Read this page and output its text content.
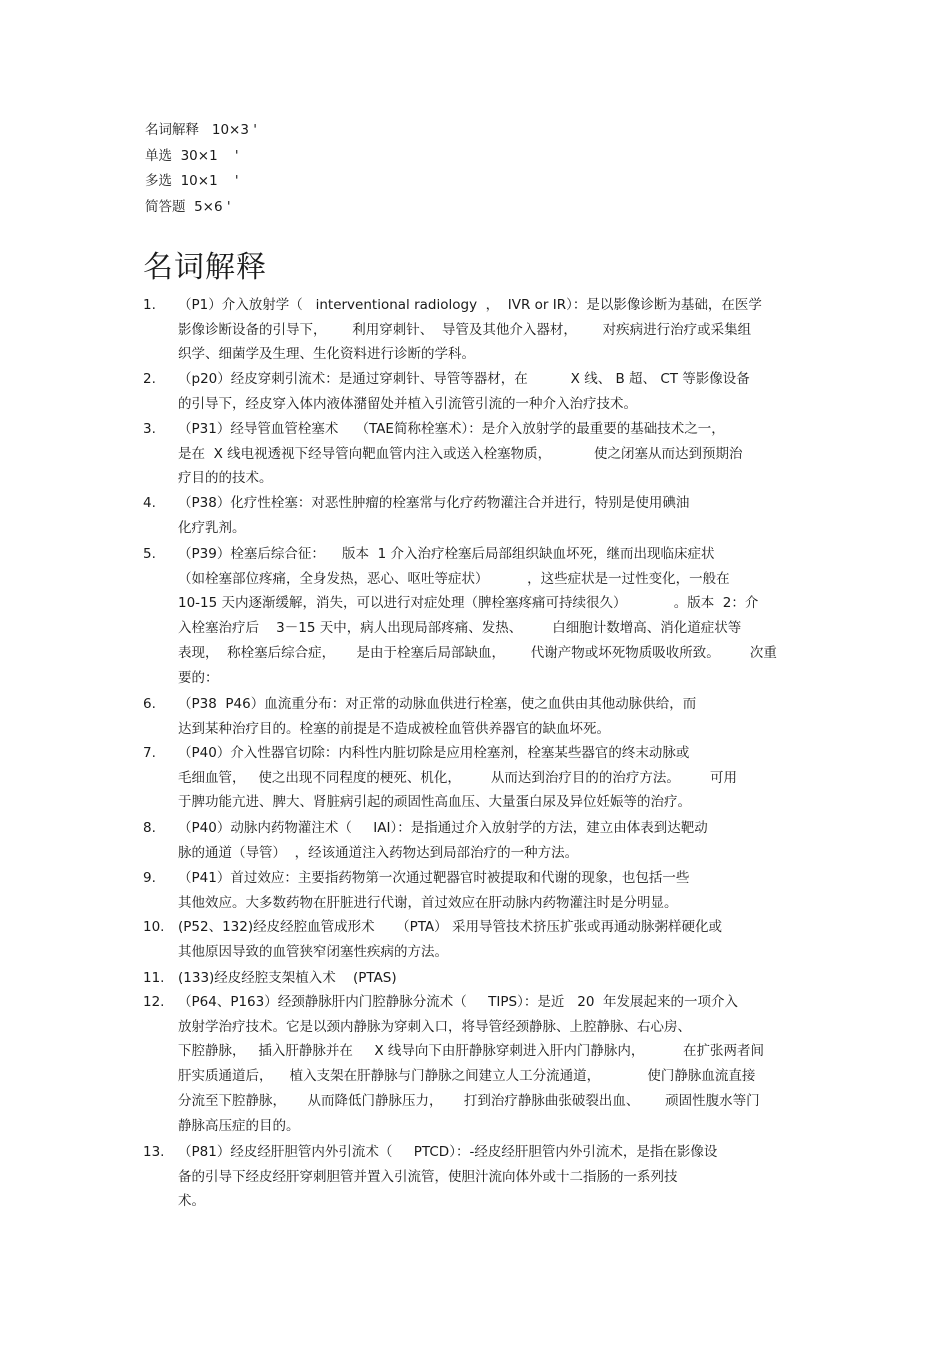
名词解释   10×3 '
单选  30×1    '
多选  10×1    '
简答题  5×6 '
名词解释
1. （P1）介入放射学（   interventional radiology  ，  IVR or IR）：是以影像诊断为基础，在医学
影像诊断设备的引导下，      利用穿刺针、  导管及其他介入器材，      对疾病进行治疗或采集组
织学、细菌学及生理、生化资料进行诊断的学科。
2. （p20）经皮穿刺引流术：是通过穿刺针、导管等器材，在          X 线、 B 超、 CT 等影像设备
的引导下，经皮穿入体内液体潴留处并植入引流管引流的一种介入治疗技术。
3. （P31）经导管血管栓塞术    （TAE简称栓塞术）：是介入放射学的最重要的基础技术之一，
是在  X 线电视透视下经导管向靶血管内注入或送入栓塞物质，          使之闭塞从而达到预期治
疗目的的技术。
4. （P38）化疗性栓塞：对恶性肿瘤的栓塞常与化疗药物灌注合并进行，特别是使用碘油
化疗乳剂。
5. （P39）栓塞后综合征：    版本  1 介入治疗栓塞后局部组织缺血坏死，继而出现临床症状
（如栓塞部位疼痛，全身发热，恶心、呕吐等症状）         ，这些症状是一过性变化，一般在
10-15 天内逐渐缓解，消失，可以进行对症处理（脾栓塞疼痛可持续很久）           。版本  2：介
入栓塞治疗后    3－15 天中，病人出现局部疼痛、发热、       白细胞计数增高、消化道症状等
表现，  称栓塞后综合症，     是由于栓塞后局部缺血，      代谢产物或坏死物质吸收所致。       次重
要的：
6. （P38  P46）血流重分布：对正常的动脉血供进行栓塞，使之血供由其他动脉供给，而
达到某种治疗目的。栓塞的前提是不造成被栓血管供养器官的缺血坏死。
7. （P40）介入性器官切除：内科性内脏切除是应用栓塞剂，栓塞某些器官的终末动脉或
毛细血管，   使之出现不同程度的梗死、机化，       从而达到治疗目的的治疗方法。       可用
于脾功能亢进、脾大、肾脏病引起的顽固性高血压、大量蛋白尿及异位妊娠等的治疗。
8. （P40）动脉内药物灌注术（     IAI）：是指通过介入放射学的方法，建立由体表到达靶动
脉的通道（导管）  ，经该通道注入药物达到局部治疗的一种方法。
9. （P41）首过效应：主要指药物第一次通过靶器官时被提取和代谢的现象，也包括一些
其他效应。大多数药物在肝脏进行代谢，首过效应在肝动脉内药物灌注时是分明显。
10. (P52、132)经皮经腔血管成形术     （PTA） 采用导管技术挤压扩张或再通动脉粥样硬化或
其他原因导致的血管狭窄闭塞性疾病的方法。
11. (133)经皮经腔支架植入术    (PTAS)
12. （P64、P163）经颈静脉肝内门腔静脉分流术（     TIPS）：是近   20  年发展起来的一项介入
放射学治疗技术。它是以颈内静脉为穿刺入口，将导管经颈静脉、上腔静脉、右心房、
下腔静脉，   插入肝静脉并在     X 线导向下由肝静脉穿刺进入肝内门静脉内，         在扩张两者间
肝实质通道后，    植入支架在肝静脉与门静脉之间建立人工分流通道，           使门静脉血流直接
分流至下腔静脉，     从而降低门静脉压力，     打到治疗静脉曲张破裂出血、      顽固性腹水等门
静脉高压症的目的。
13. （P81）经皮经肝胆管内外引流术（     PTCD）：-经皮经肝胆管内外引流术，是指在影像设
备的引导下经皮经肝穿刺胆管并置入引流管，使胆汁流向体外或十二指肠的一系列技
术。
